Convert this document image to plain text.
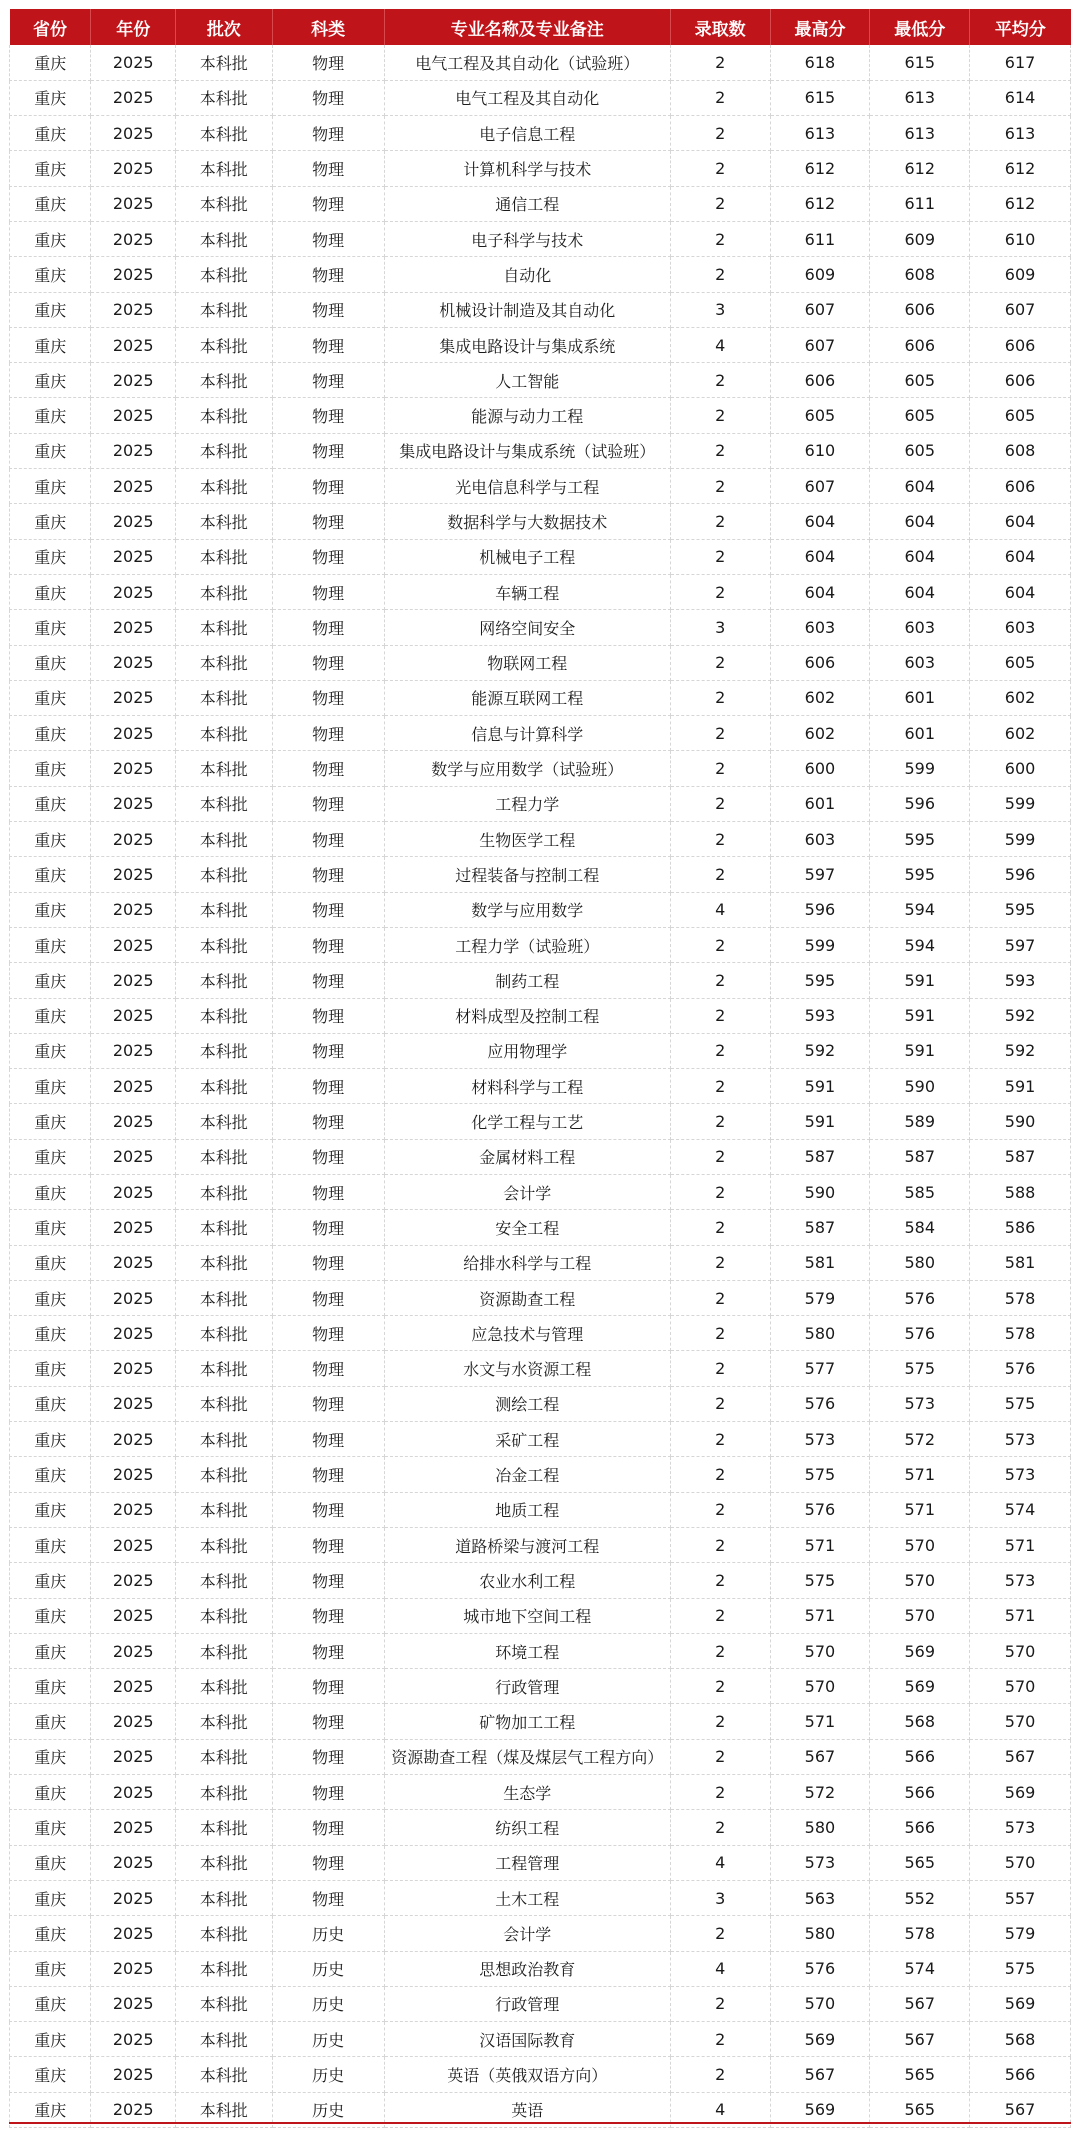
省份	年份	批次	科类	专业名称及专业备注	录取数	最高分	最低分	平均分
重庆	2025	本科批	物理	电气工程及其自动化（试验班）	2	618	615	617
重庆	2025	本科批	物理	电气工程及其自动化	2	615	613	614
重庆	2025	本科批	物理	电子信息工程	2	613	613	613
重庆	2025	本科批	物理	计算机科学与技术	2	612	612	612
重庆	2025	本科批	物理	通信工程	2	612	611	612
重庆	2025	本科批	物理	电子科学与技术	2	611	609	610
重庆	2025	本科批	物理	自动化	2	609	608	609
重庆	2025	本科批	物理	机械设计制造及其自动化	3	607	606	607
重庆	2025	本科批	物理	集成电路设计与集成系统	4	607	606	606
重庆	2025	本科批	物理	人工智能	2	606	605	606
重庆	2025	本科批	物理	能源与动力工程	2	605	605	605
重庆	2025	本科批	物理	集成电路设计与集成系统（试验班）	2	610	605	608
重庆	2025	本科批	物理	光电信息科学与工程	2	607	604	606
重庆	2025	本科批	物理	数据科学与大数据技术	2	604	604	604
重庆	2025	本科批	物理	机械电子工程	2	604	604	604
重庆	2025	本科批	物理	车辆工程	2	604	604	604
重庆	2025	本科批	物理	网络空间安全	3	603	603	603
重庆	2025	本科批	物理	物联网工程	2	606	603	605
重庆	2025	本科批	物理	能源互联网工程	2	602	601	602
重庆	2025	本科批	物理	信息与计算科学	2	602	601	602
重庆	2025	本科批	物理	数学与应用数学（试验班）	2	600	599	600
重庆	2025	本科批	物理	工程力学	2	601	596	599
重庆	2025	本科批	物理	生物医学工程	2	603	595	599
重庆	2025	本科批	物理	过程装备与控制工程	2	597	595	596
重庆	2025	本科批	物理	数学与应用数学	4	596	594	595
重庆	2025	本科批	物理	工程力学（试验班）	2	599	594	597
重庆	2025	本科批	物理	制药工程	2	595	591	593
重庆	2025	本科批	物理	材料成型及控制工程	2	593	591	592
重庆	2025	本科批	物理	应用物理学	2	592	591	592
重庆	2025	本科批	物理	材料科学与工程	2	591	590	591
重庆	2025	本科批	物理	化学工程与工艺	2	591	589	590
重庆	2025	本科批	物理	金属材料工程	2	587	587	587
重庆	2025	本科批	物理	会计学	2	590	585	588
重庆	2025	本科批	物理	安全工程	2	587	584	586
重庆	2025	本科批	物理	给排水科学与工程	2	581	580	581
重庆	2025	本科批	物理	资源勘查工程	2	579	576	578
重庆	2025	本科批	物理	应急技术与管理	2	580	576	578
重庆	2025	本科批	物理	水文与水资源工程	2	577	575	576
重庆	2025	本科批	物理	测绘工程	2	576	573	575
重庆	2025	本科批	物理	采矿工程	2	573	572	573
重庆	2025	本科批	物理	冶金工程	2	575	571	573
重庆	2025	本科批	物理	地质工程	2	576	571	574
重庆	2025	本科批	物理	道路桥梁与渡河工程	2	571	570	571
重庆	2025	本科批	物理	农业水利工程	2	575	570	573
重庆	2025	本科批	物理	城市地下空间工程	2	571	570	571
重庆	2025	本科批	物理	环境工程	2	570	569	570
重庆	2025	本科批	物理	行政管理	2	570	569	570
重庆	2025	本科批	物理	矿物加工工程	2	571	568	570
重庆	2025	本科批	物理	资源勘查工程（煤及煤层气工程方向）	2	567	566	567
重庆	2025	本科批	物理	生态学	2	572	566	569
重庆	2025	本科批	物理	纺织工程	2	580	566	573
重庆	2025	本科批	物理	工程管理	4	573	565	570
重庆	2025	本科批	物理	土木工程	3	563	552	557
重庆	2025	本科批	历史	会计学	2	580	578	579
重庆	2025	本科批	历史	思想政治教育	4	576	574	575
重庆	2025	本科批	历史	行政管理	2	570	567	569
重庆	2025	本科批	历史	汉语国际教育	2	569	567	568
重庆	2025	本科批	历史	英语（英俄双语方向）	2	567	565	566
重庆	2025	本科批	历史	英语	4	569	565	567
